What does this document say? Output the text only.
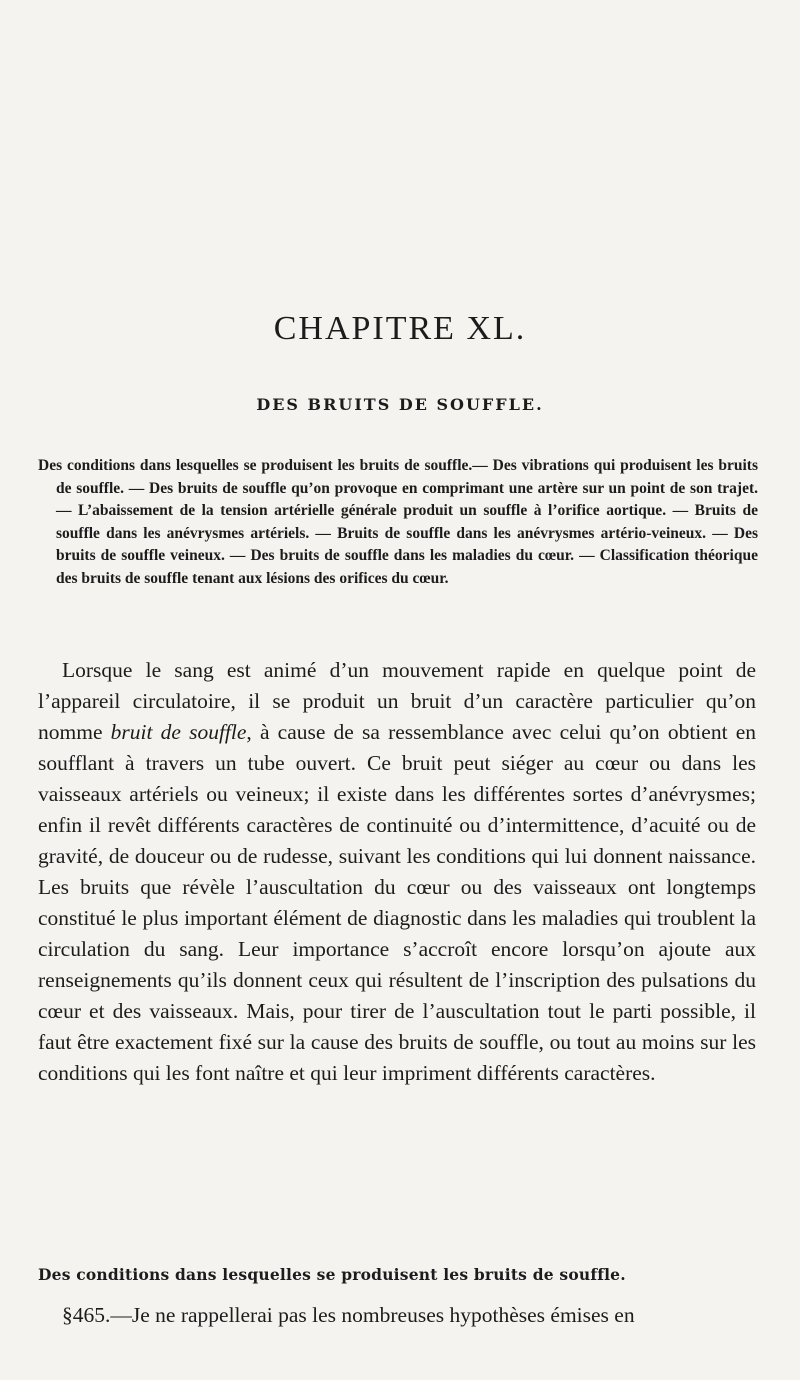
CHAPITRE XL.
DES BRUITS DE SOUFFLE.

Des conditions dans lesquelles se produisent les bruits de souffle.— Des vibrations qui produisent les bruits de souffle. — Des bruits de souffle qu’on provoque en comprimant une artère sur un point de son trajet. — L’abaissement de la tension artérielle générale produit un souffle à l’orifice aortique. — Bruits de souffle dans les anévrysmes artériels. — Bruits de souffle dans les anévrysmes artério-veineux. — Des bruits de souffle veineux. — Des bruits de souffle dans les maladies du cœur. — Classification théorique des bruits de souffle tenant aux lésions des orifices du cœur.

Lorsque le sang est animé d’un mouvement rapide en quelque point de l’appareil circulatoire, il se produit un bruit d’un caractère particulier qu’on nomme bruit de souffle, à cause de sa ressemblance avec celui qu’on obtient en soufflant à travers un tube ouvert. Ce bruit peut siéger au cœur ou dans les vaisseaux artériels ou veineux; il existe dans les différentes sortes d’anévrysmes; enfin il revêt différents caractères de continuité ou d’intermittence, d’acuité ou de gravité, de douceur ou de rudesse, suivant les conditions qui lui donnent naissance. Les bruits que révèle l’auscultation du cœur ou des vaisseaux ont longtemps constitué le plus important élément de diagnostic dans les maladies qui troublent la circulation du sang. Leur importance s’accroît encore lorsqu’on ajoute aux renseignements qu’ils donnent ceux qui résultent de l’inscription des pulsations du cœur et des vaisseaux. Mais, pour tirer de l’auscultation tout le parti possible, il faut être exactement fixé sur la cause des bruits de souffle, ou tout au moins sur les conditions qui les font naître et qui leur impriment différents caractères.

Des conditions dans lesquelles se produisent les bruits de souffle.
§465.—Je ne rappellerai pas les nombreuses hypothèses émises en
